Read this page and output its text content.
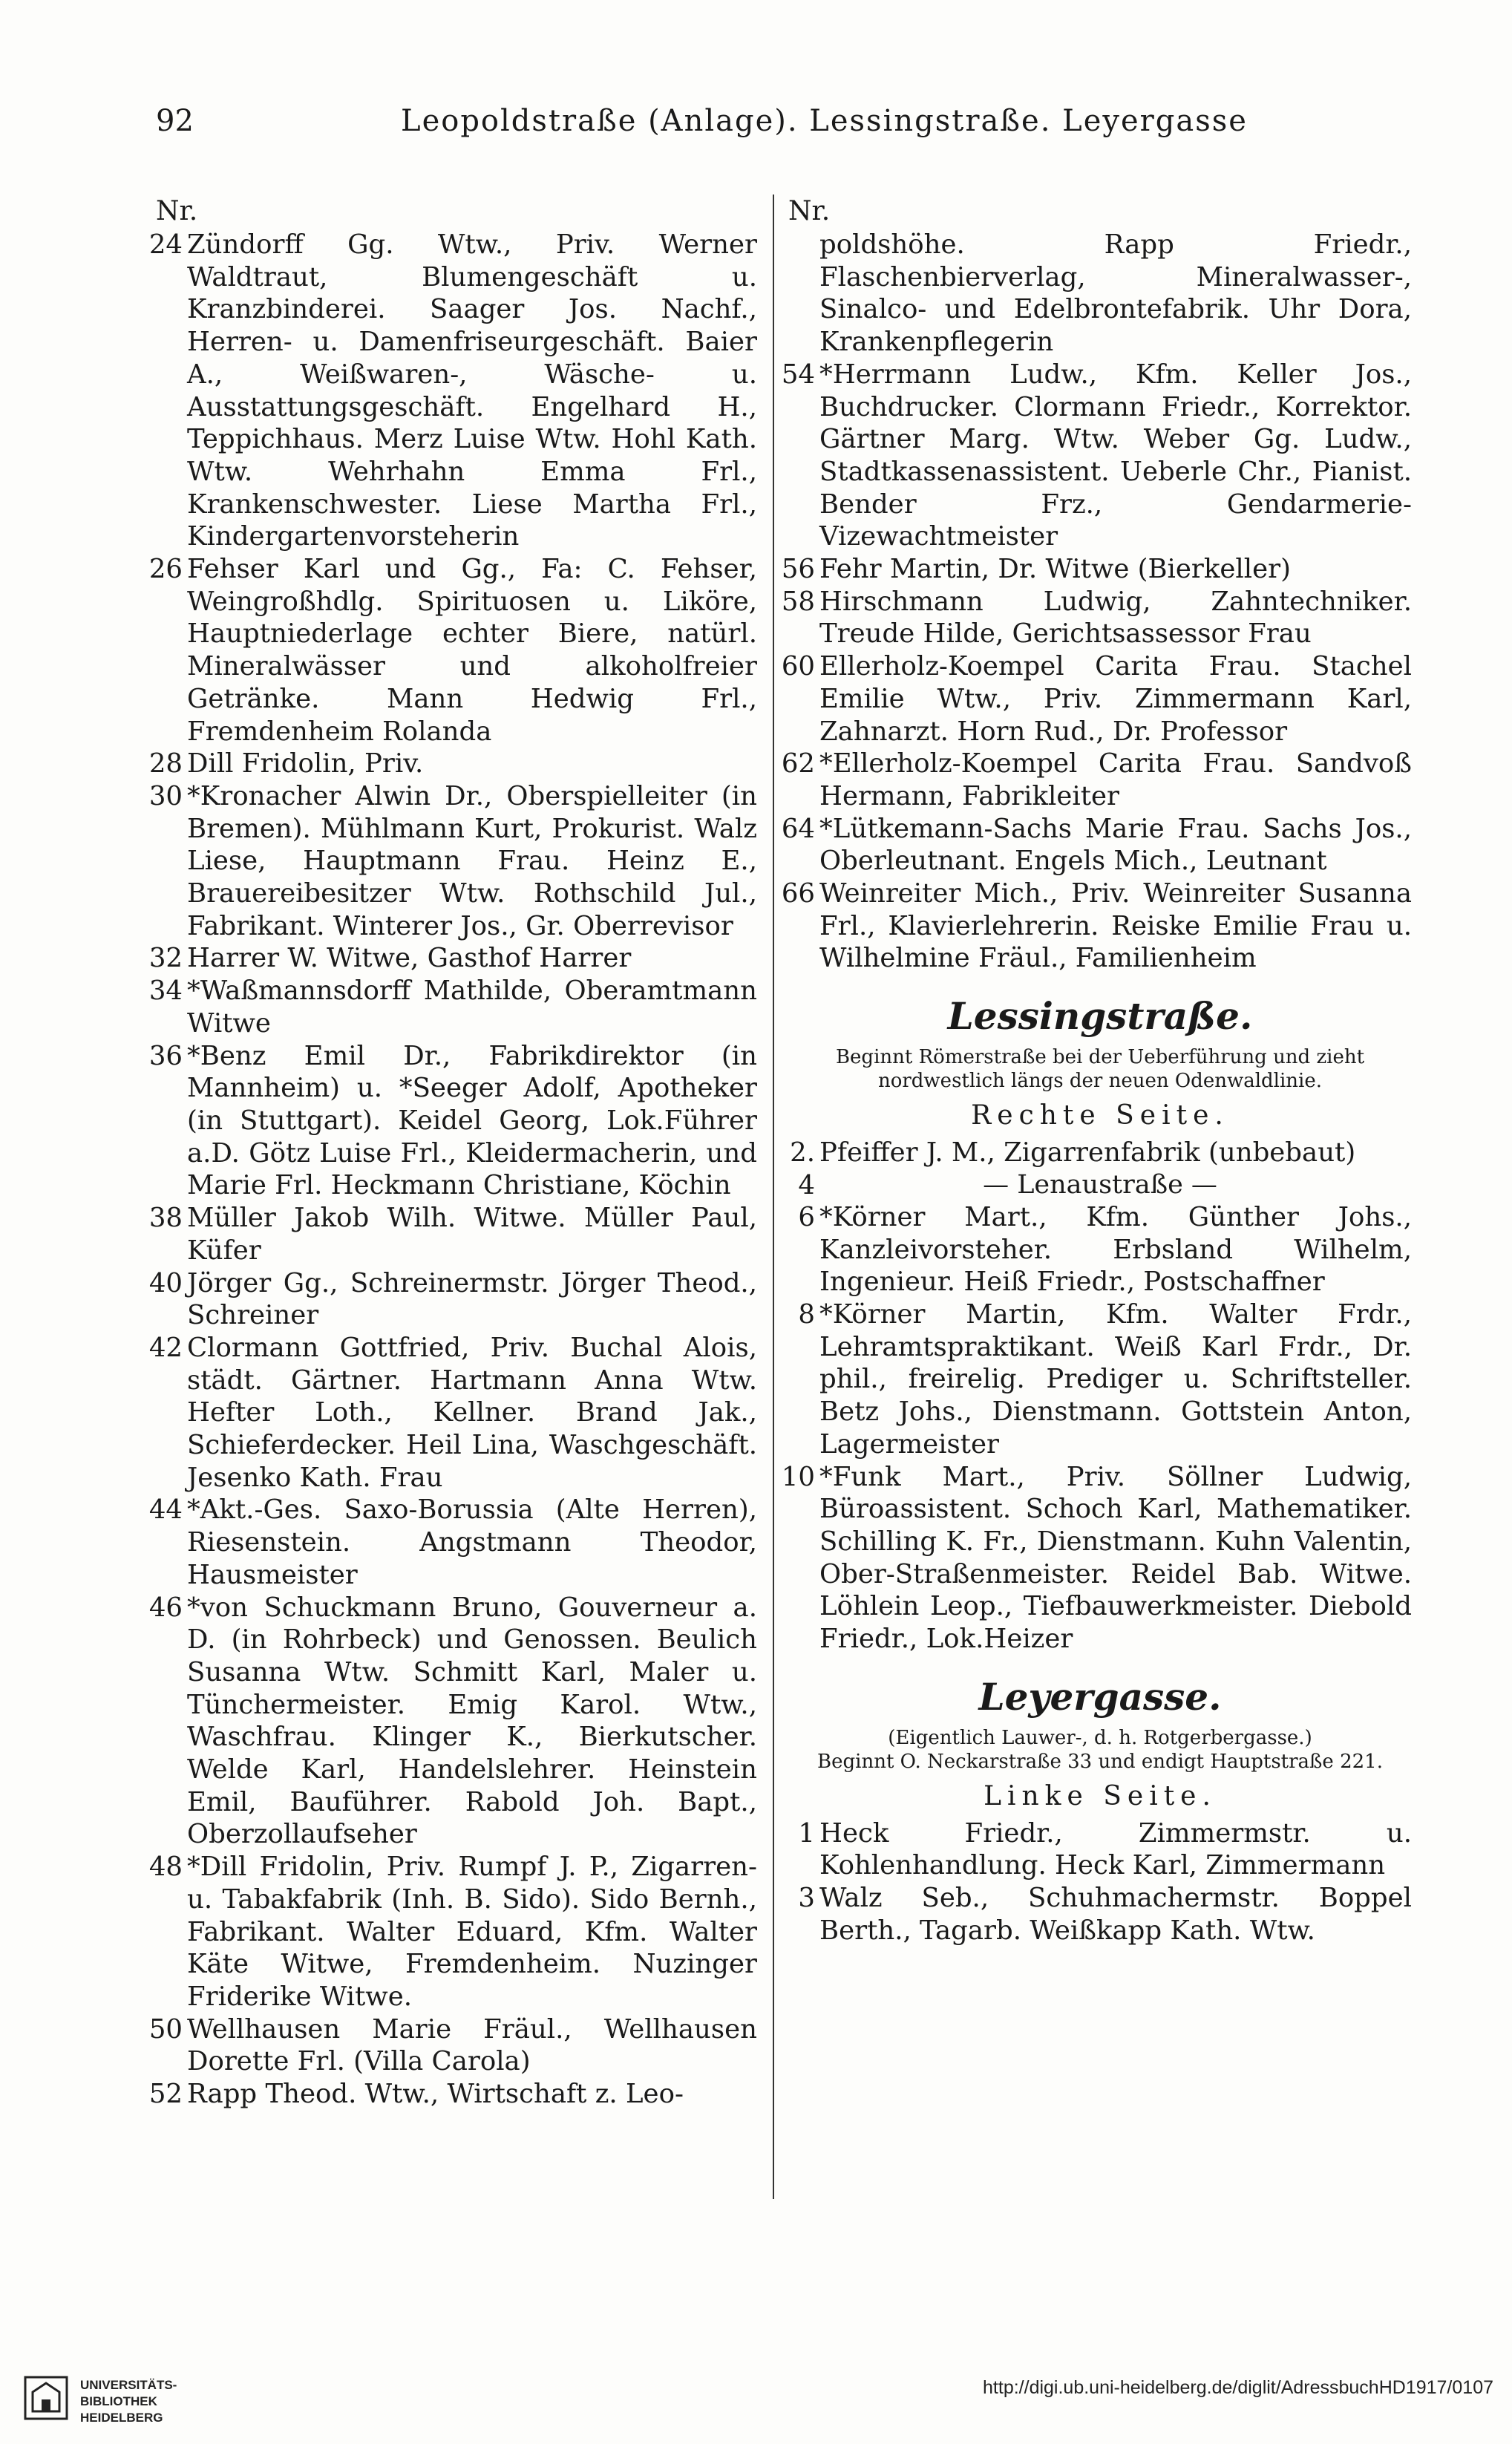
92	Leopoldstraße (Anlage). Lessingstraße. Leyergasse

Nr.

24 Zündorff Gg. Wtw., Priv. Werner Waldtraut, Blumengeschäft u. Kranzbinderei. Saager Jos. Nachf., Herren- u. Damenfriseurgeschäft. Baier A., Weißwaren-, Wäsche- u. Ausstattungsgeschäft. Engelhard H., Teppichhaus. Merz Luise Wtw. Hohl Kath. Wtw. Wehrhahn Emma Frl., Krankenschwester. Liese Martha Frl., Kindergartenvorsteherin

26 Fehser Karl und Gg., Fa: C. Fehser, Weingroßhdlg. Spirituosen u. Liköre, Hauptniederlage echter Biere, natürl. Mineralwässer und alkoholfreier Getränke. Mann Hedwig Frl., Fremdenheim Rolanda

28 Dill Fridolin, Priv.

30 *Kronacher Alwin Dr., Oberspielleiter (in Bremen). Mühlmann Kurt, Prokurist. Walz Liese, Hauptmann Frau. Heinz E., Brauereibesitzer Wtw. Rothschild Jul., Fabrikant. Winterer Jos., Gr. Oberrevisor

32 Harrer W. Witwe, Gasthof Harrer

34 *Waßmannsdorff Mathilde, Oberamtmann Witwe

36 *Benz Emil Dr., Fabrikdirektor (in Mannheim) u. *Seeger Adolf, Apotheker (in Stuttgart). Keidel Georg, Lok.Führer a.D. Götz Luise Frl., Kleidermacherin, und Marie Frl. Heckmann Christiane, Köchin

38 Müller Jakob Wilh. Witwe. Müller Paul, Küfer

40 Jörger Gg., Schreinermstr. Jörger Theod., Schreiner

42 Clormann Gottfried, Priv. Buchal Alois, städt. Gärtner. Hartmann Anna Wtw. Hefter Loth., Kellner. Brand Jak., Schieferdecker. Heil Lina, Waschgeschäft. Jesenko Kath. Frau

44 *Akt.-Ges. Saxo-Borussia (Alte Herren), Riesenstein. Angstmann Theodor, Hausmeister

46 *von Schuckmann Bruno, Gouverneur a. D. (in Rohrbeck) und Genossen. Beulich Susanna Wtw. Schmitt Karl, Maler u. Tünchermeister. Emig Karol. Wtw., Waschfrau. Klinger K., Bierkutscher. Welde Karl, Handelslehrer. Heinstein Emil, Bauführer. Rabold Joh. Bapt., Oberzollaufseher

48 *Dill Fridolin, Priv. Rumpf J. P., Zigarren- u. Tabakfabrik (Inh. B. Sido). Sido Bernh., Fabrikant. Walter Eduard, Kfm. Walter Käte Witwe, Fremdenheim. Nuzinger Friderike Witwe.

50 Wellhausen Marie Fräul., Wellhausen Dorette Frl. (Villa Carola)

52 Rapp Theod. Wtw., Wirtschaft z. Leo-

Nr.

poldshöhe. Rapp Friedr., Flaschenbierverlag, Mineralwasser-, Sinalco- und Edelbrontefabrik. Uhr Dora, Krankenpflegerin

54 *Herrmann Ludw., Kfm. Keller Jos., Buchdrucker. Clormann Friedr., Korrektor. Gärtner Marg. Wtw. Weber Gg. Ludw., Stadtkassenassistent. Ueberle Chr., Pianist. Bender Frz., Gendarmerie-Vizewachtmeister

56 Fehr Martin, Dr. Witwe (Bierkeller)

58 Hirschmann Ludwig, Zahntechniker. Treude Hilde, Gerichtsassessor Frau

60 Ellerholz-Koempel Carita Frau. Stachel Emilie Wtw., Priv. Zimmermann Karl, Zahnarzt. Horn Rud., Dr. Professor

62 *Ellerholz-Koempel Carita Frau. Sandvoß Hermann, Fabrikleiter

64 *Lütkemann-Sachs Marie Frau. Sachs Jos., Oberleutnant. Engels Mich., Leutnant

66 Weinreiter Mich., Priv. Weinreiter Susanna Frl., Klavierlehrerin. Reiske Emilie Frau u. Wilhelmine Fräul., Familienheim

Lessingstraße.

Beginnt Römerstraße bei der Ueberführung und zieht nordwestlich längs der neuen Odenwaldlinie.

Rechte Seite.

2. 4
Pfeiffer J. M., Zigarrenfabrik (unbebaut)

— Lenaustraße —

6 *Körner Mart., Kfm. Günther Johs., Kanzleivorsteher. Erbsland Wilhelm, Ingenieur. Heiß Friedr., Postschaffner

8 *Körner Martin, Kfm. Walter Frdr., Lehramtspraktikant. Weiß Karl Frdr., Dr. phil., freirelig. Prediger u. Schriftsteller. Betz Johs., Dienstmann. Gottstein Anton, Lagermeister

10 *Funk Mart., Priv. Söllner Ludwig, Büroassistent. Schoch Karl, Mathematiker. Schilling K. Fr., Dienstmann. Kuhn Valentin, Ober-Straßenmeister. Reidel Bab. Witwe. Löhlein Leop., Tiefbauwerkmeister. Diebold Friedr., Lok.Heizer

Leyergasse.

(Eigentlich Lauwer-, d. h. Rotgerbergasse.)

Beginnt O. Neckarstraße 33 und endigt Hauptstraße 221.

Linke Seite.

1 Heck Friedr., Zimmermstr. u. Kohlenhandlung. Heck Karl, Zimmermann

3 Walz Seb., Schuhmachermstr. Boppel Berth., Tagarb. Weißkapp Kath. Wtw.

UNIVERSITÄTS-
BIBLIOTHEK
HEIDELBERG
http://digi.ub.uni-heidelberg.de/diglit/AdressbuchHD1917/0107
